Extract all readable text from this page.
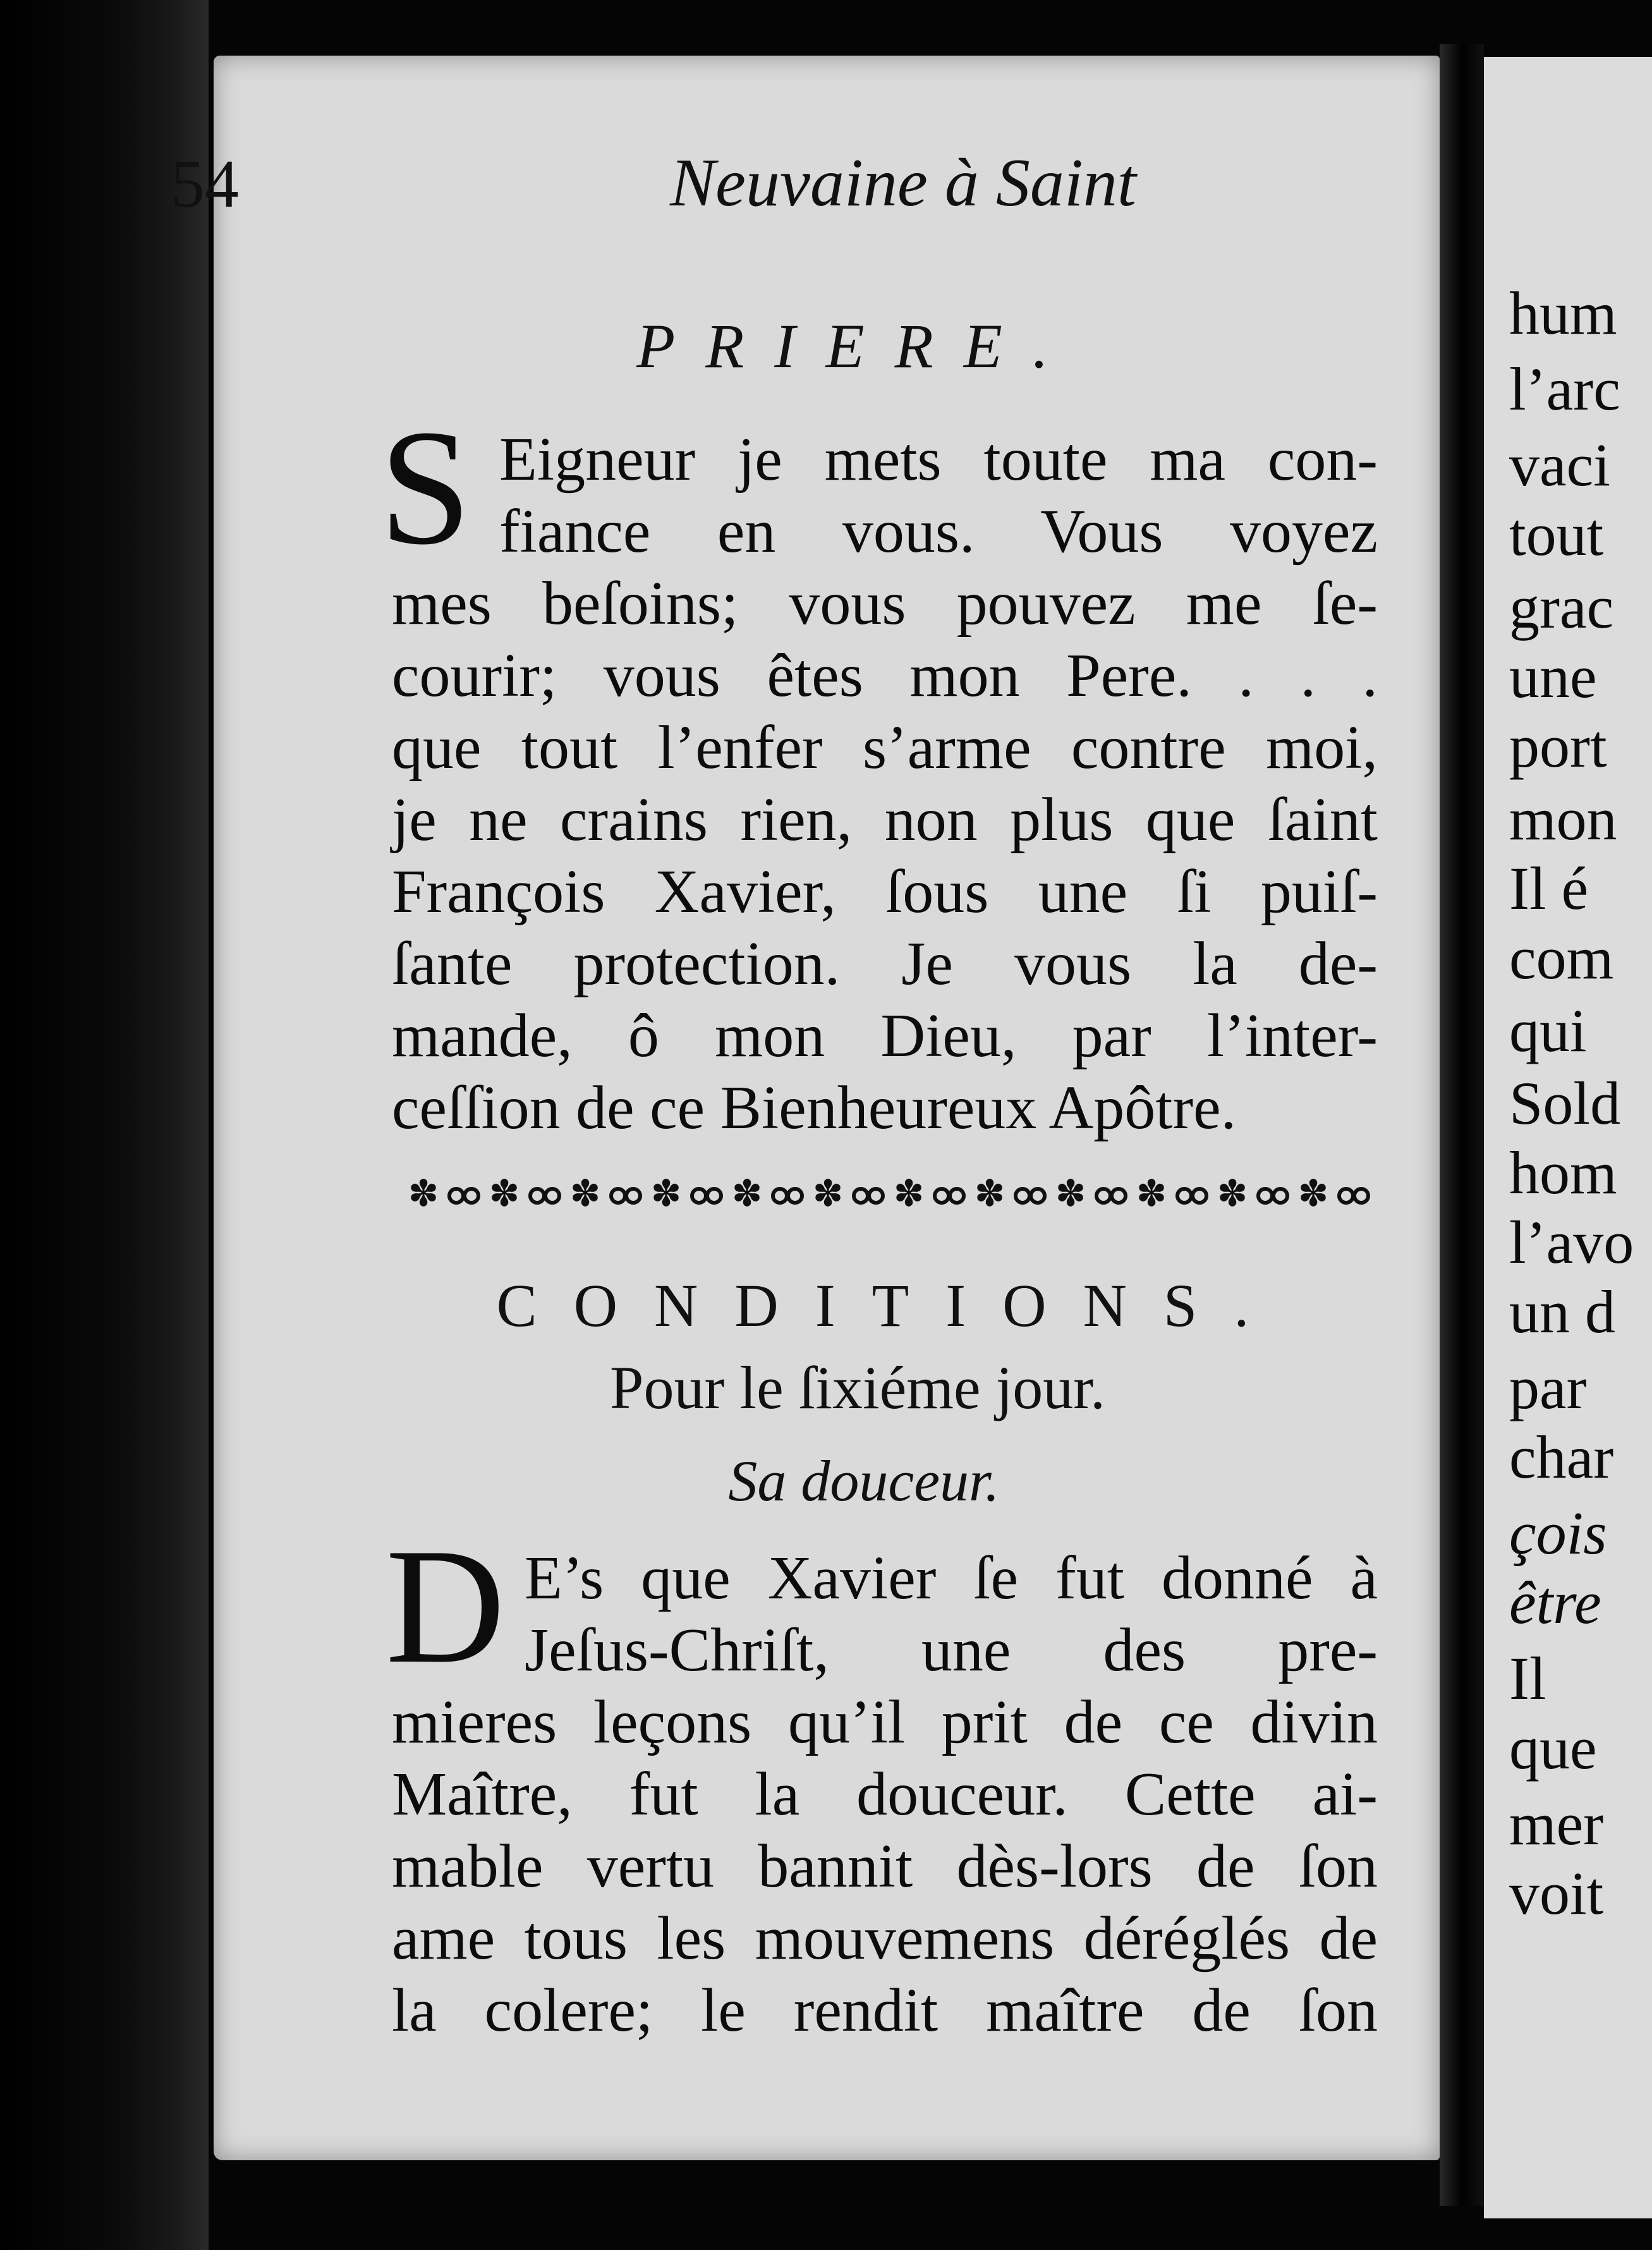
hum
l’arc
vaci
tout
grac
une
port
mon
Il é
com
qui
Sold
hom
l’avo
un d
par
char
çois
être
Il
que
mer
voit
54	Neuvaine à Saint
PRIERE.
S Eigneur je mets toute ma con-
fiance en vous. Vous voyez
mes beſoins; vous pouvez me ſe-
courir; vous êtes mon Pere. . . .
que tout l’enfer s’arme contre moi,
je ne crains rien, non plus que ſaint
François Xavier, ſous une ſi puiſ-
ſante protection. Je vous la de-
mande, ô mon Dieu, par l’inter-
ceſſion de ce Bienheureux Apôtre.
✽ ✽ ✽ ✽ ✽ ✽ ✽ ✽ ✽ ✽ ✽ ✽
CONDITIONS.
Pour le ſixiéme jour.
Sa douceur.
D E’s que Xavier ſe fut donné à
Jeſus-Chriſt, une des pre-
mieres leçons qu’il prit de ce divin
Maître, fut la douceur. Cette ai-
mable vertu bannit dès-lors de ſon
ame tous les mouvemens déréglés de
la colere; le rendit maître de ſon
